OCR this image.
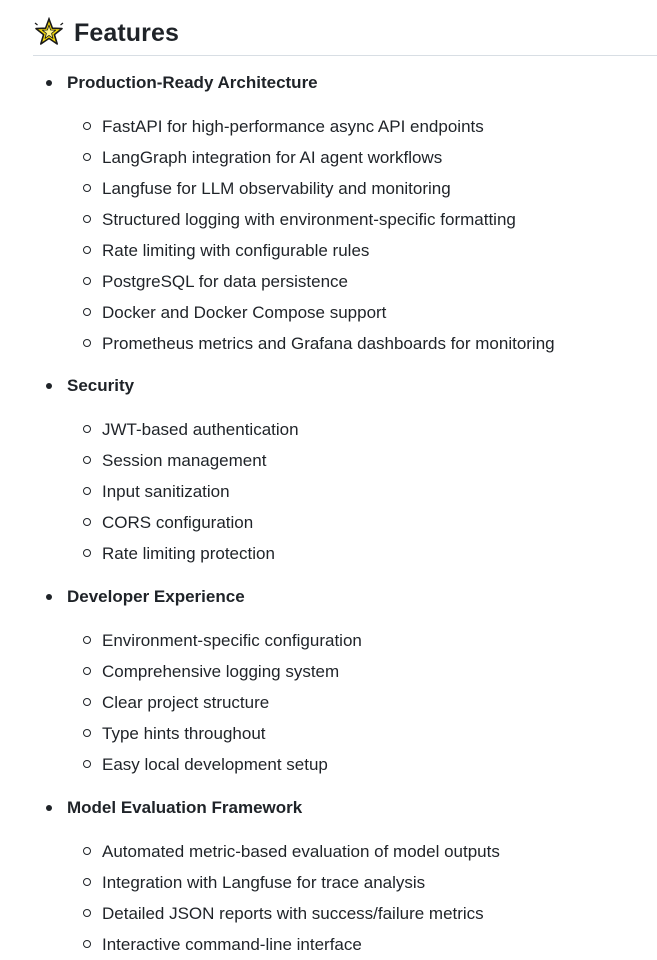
Features
Production-Ready Architecture
FastAPI for high-performance async API endpoints
LangGraph integration for AI agent workflows
Langfuse for LLM observability and monitoring
Structured logging with environment-specific formatting
Rate limiting with configurable rules
PostgreSQL for data persistence
Docker and Docker Compose support
Prometheus metrics and Grafana dashboards for monitoring
Security
JWT-based authentication
Session management
Input sanitization
CORS configuration
Rate limiting protection
Developer Experience
Environment-specific configuration
Comprehensive logging system
Clear project structure
Type hints throughout
Easy local development setup
Model Evaluation Framework
Automated metric-based evaluation of model outputs
Integration with Langfuse for trace analysis
Detailed JSON reports with success/failure metrics
Interactive command-line interface
